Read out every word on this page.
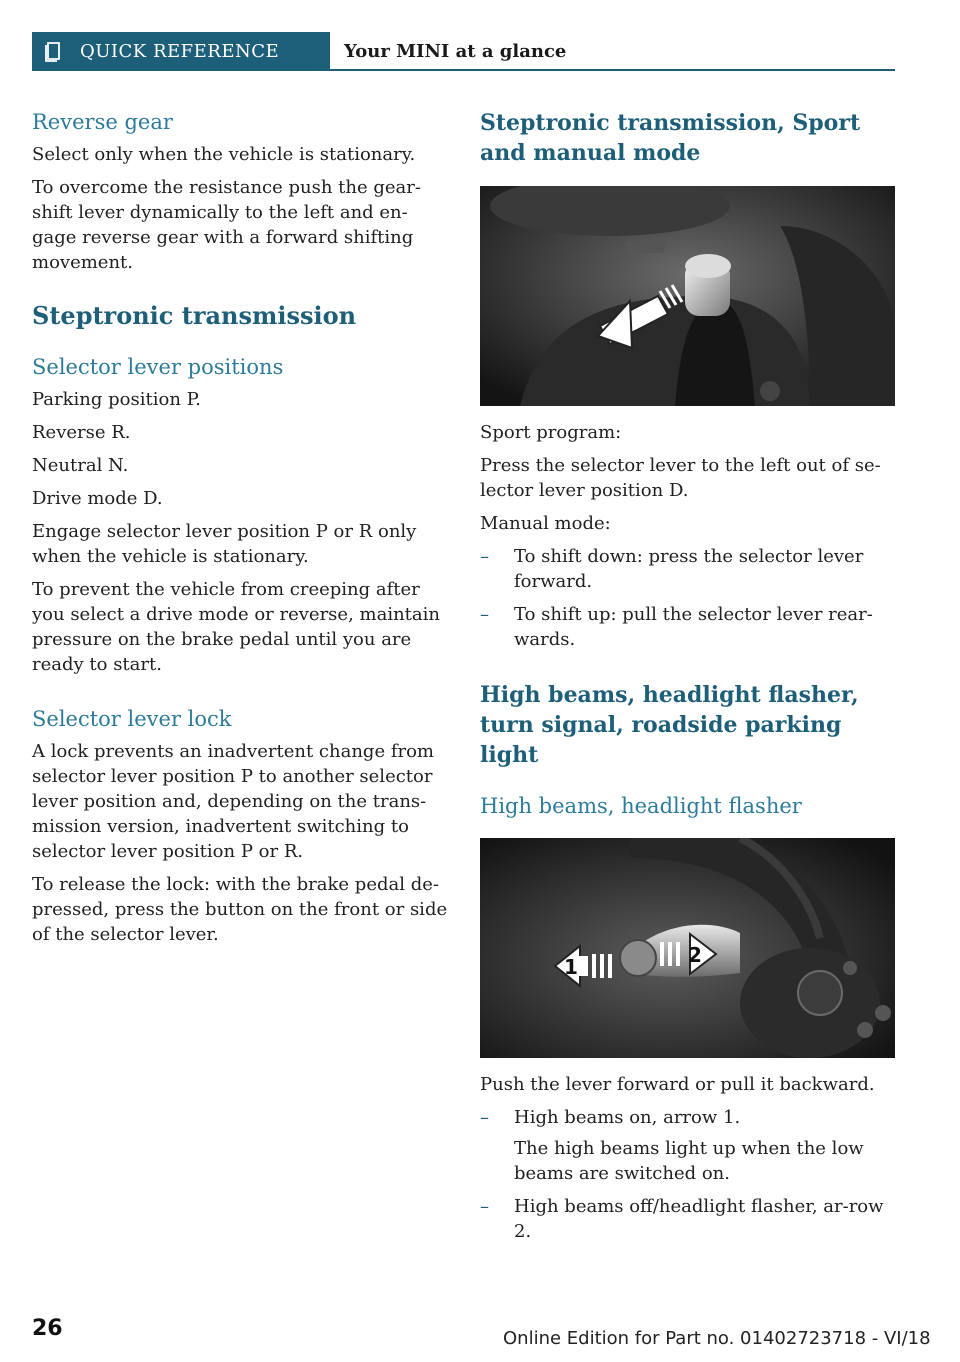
QUICK REFERENCE	Your MINI at a glance
Reverse gear

Select only when the vehicle is stationary.

To overcome the resistance push the gear-shift lever dynamically to the left and en-gage reverse gear with a forward shifting movement.

Steptronic transmission
Selector lever positions

Parking position P.

Reverse R.

Neutral N.

Drive mode D.

Engage selector lever position P or R only when the vehicle is stationary.

To prevent the vehicle from creeping after you select a drive mode or reverse, maintain pressure on the brake pedal until you are ready to start.

Selector lever lock

A lock prevents an inadvertent change from selector lever position P to another selector lever position and, depending on the trans-mission version, inadvertent switching to selector lever position P or R.

To release the lock: with the brake pedal de-pressed, press the button on the front or side of the selector lever.

Steptronic transmission, Sport and manual mode

Sport program:

Press the selector lever to the left out of se-lector lever position D.

Manual mode:

– To shift down: press the selector lever forward.
– To shift up: pull the selector lever rear-wards.
High beams, headlight flasher, turn signal, roadside parking light
High beams, headlight flasher
1	2

Push the lever forward or pull it backward.

– High beams on, arrow 1.

The high beams light up when the low beams are switched on.

– High beams off/headlight flasher, ar-row 2.
26	Online Edition for Part no. 01402723718 - VI/18
